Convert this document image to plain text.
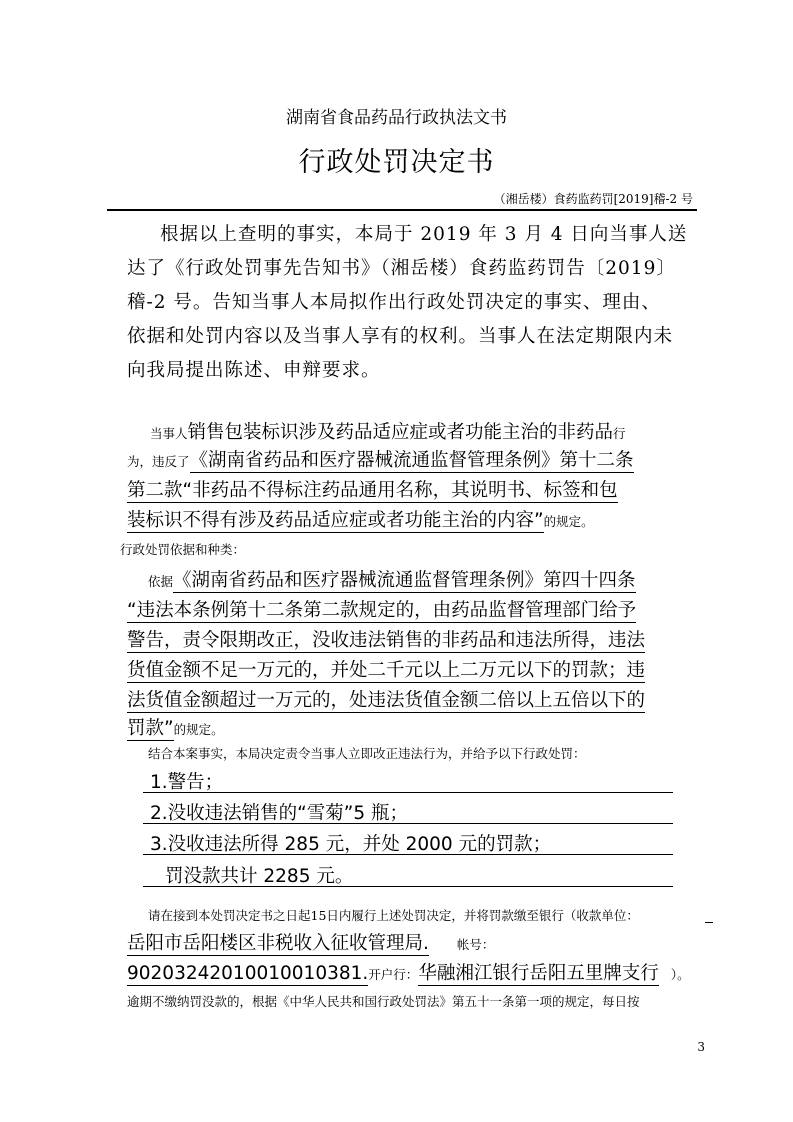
湖南省食品药品行政执法文书
行政处罚决定书
（湘岳楼）食药监药罚[2019]稽-2 号
根据以上查明的事实，本局于 2019 年 3 月 4 日向当事人送
达了《行政处罚事先告知书》（湘岳楼）食药监药罚告〔2019〕
稽-2 号。告知当事人本局拟作出行政处罚决定的事实、理由、
依据和处罚内容以及当事人享有的权利。当事人在法定期限内未
向我局提出陈述、申辩要求。
当事人销售包装标识涉及药品适应症或者功能主治的非药品行
为，违反了《湖南省药品和医疗器械流通监督管理条例》第十二条
第二款“非药品不得标注药品通用名称，其说明书、标签和包
装标识不得有涉及药品适应症或者功能主治的内容”的规定。
行政处罚依据和种类：
依据《湖南省药品和医疗器械流通监督管理条例》第四十四条
“违法本条例第十二条第二款规定的，由药品监督管理部门给予
警告，责令限期改正，没收违法销售的非药品和违法所得，违法
货值金额不足一万元的，并处二千元以上二万元以下的罚款；违
法货值金额超过一万元的，处违法货值金额二倍以上五倍以下的
罚款”的规定。
结合本案事实，本局决定责令当事人立即改正违法行为，并给予以下行政处罚：
1.警告；
2.没收违法销售的“雪菊”5 瓶；
3.没收违法所得 285 元，并处 2000 元的罚款；
罚没款共计 2285 元。
请在接到本处罚决定书之日起15日内履行上述处罚决定，并将罚款缴至银行（收款单位：
岳阳市岳阳楼区非税收入征收管理局. 帐号：
90203242010010010381.开户行：华融湘江银行岳阳五里牌支行 ）。
逾期不缴纳罚没款的，根据《中华人民共和国行政处罚法》第五十一条第一项的规定，每日按
3
